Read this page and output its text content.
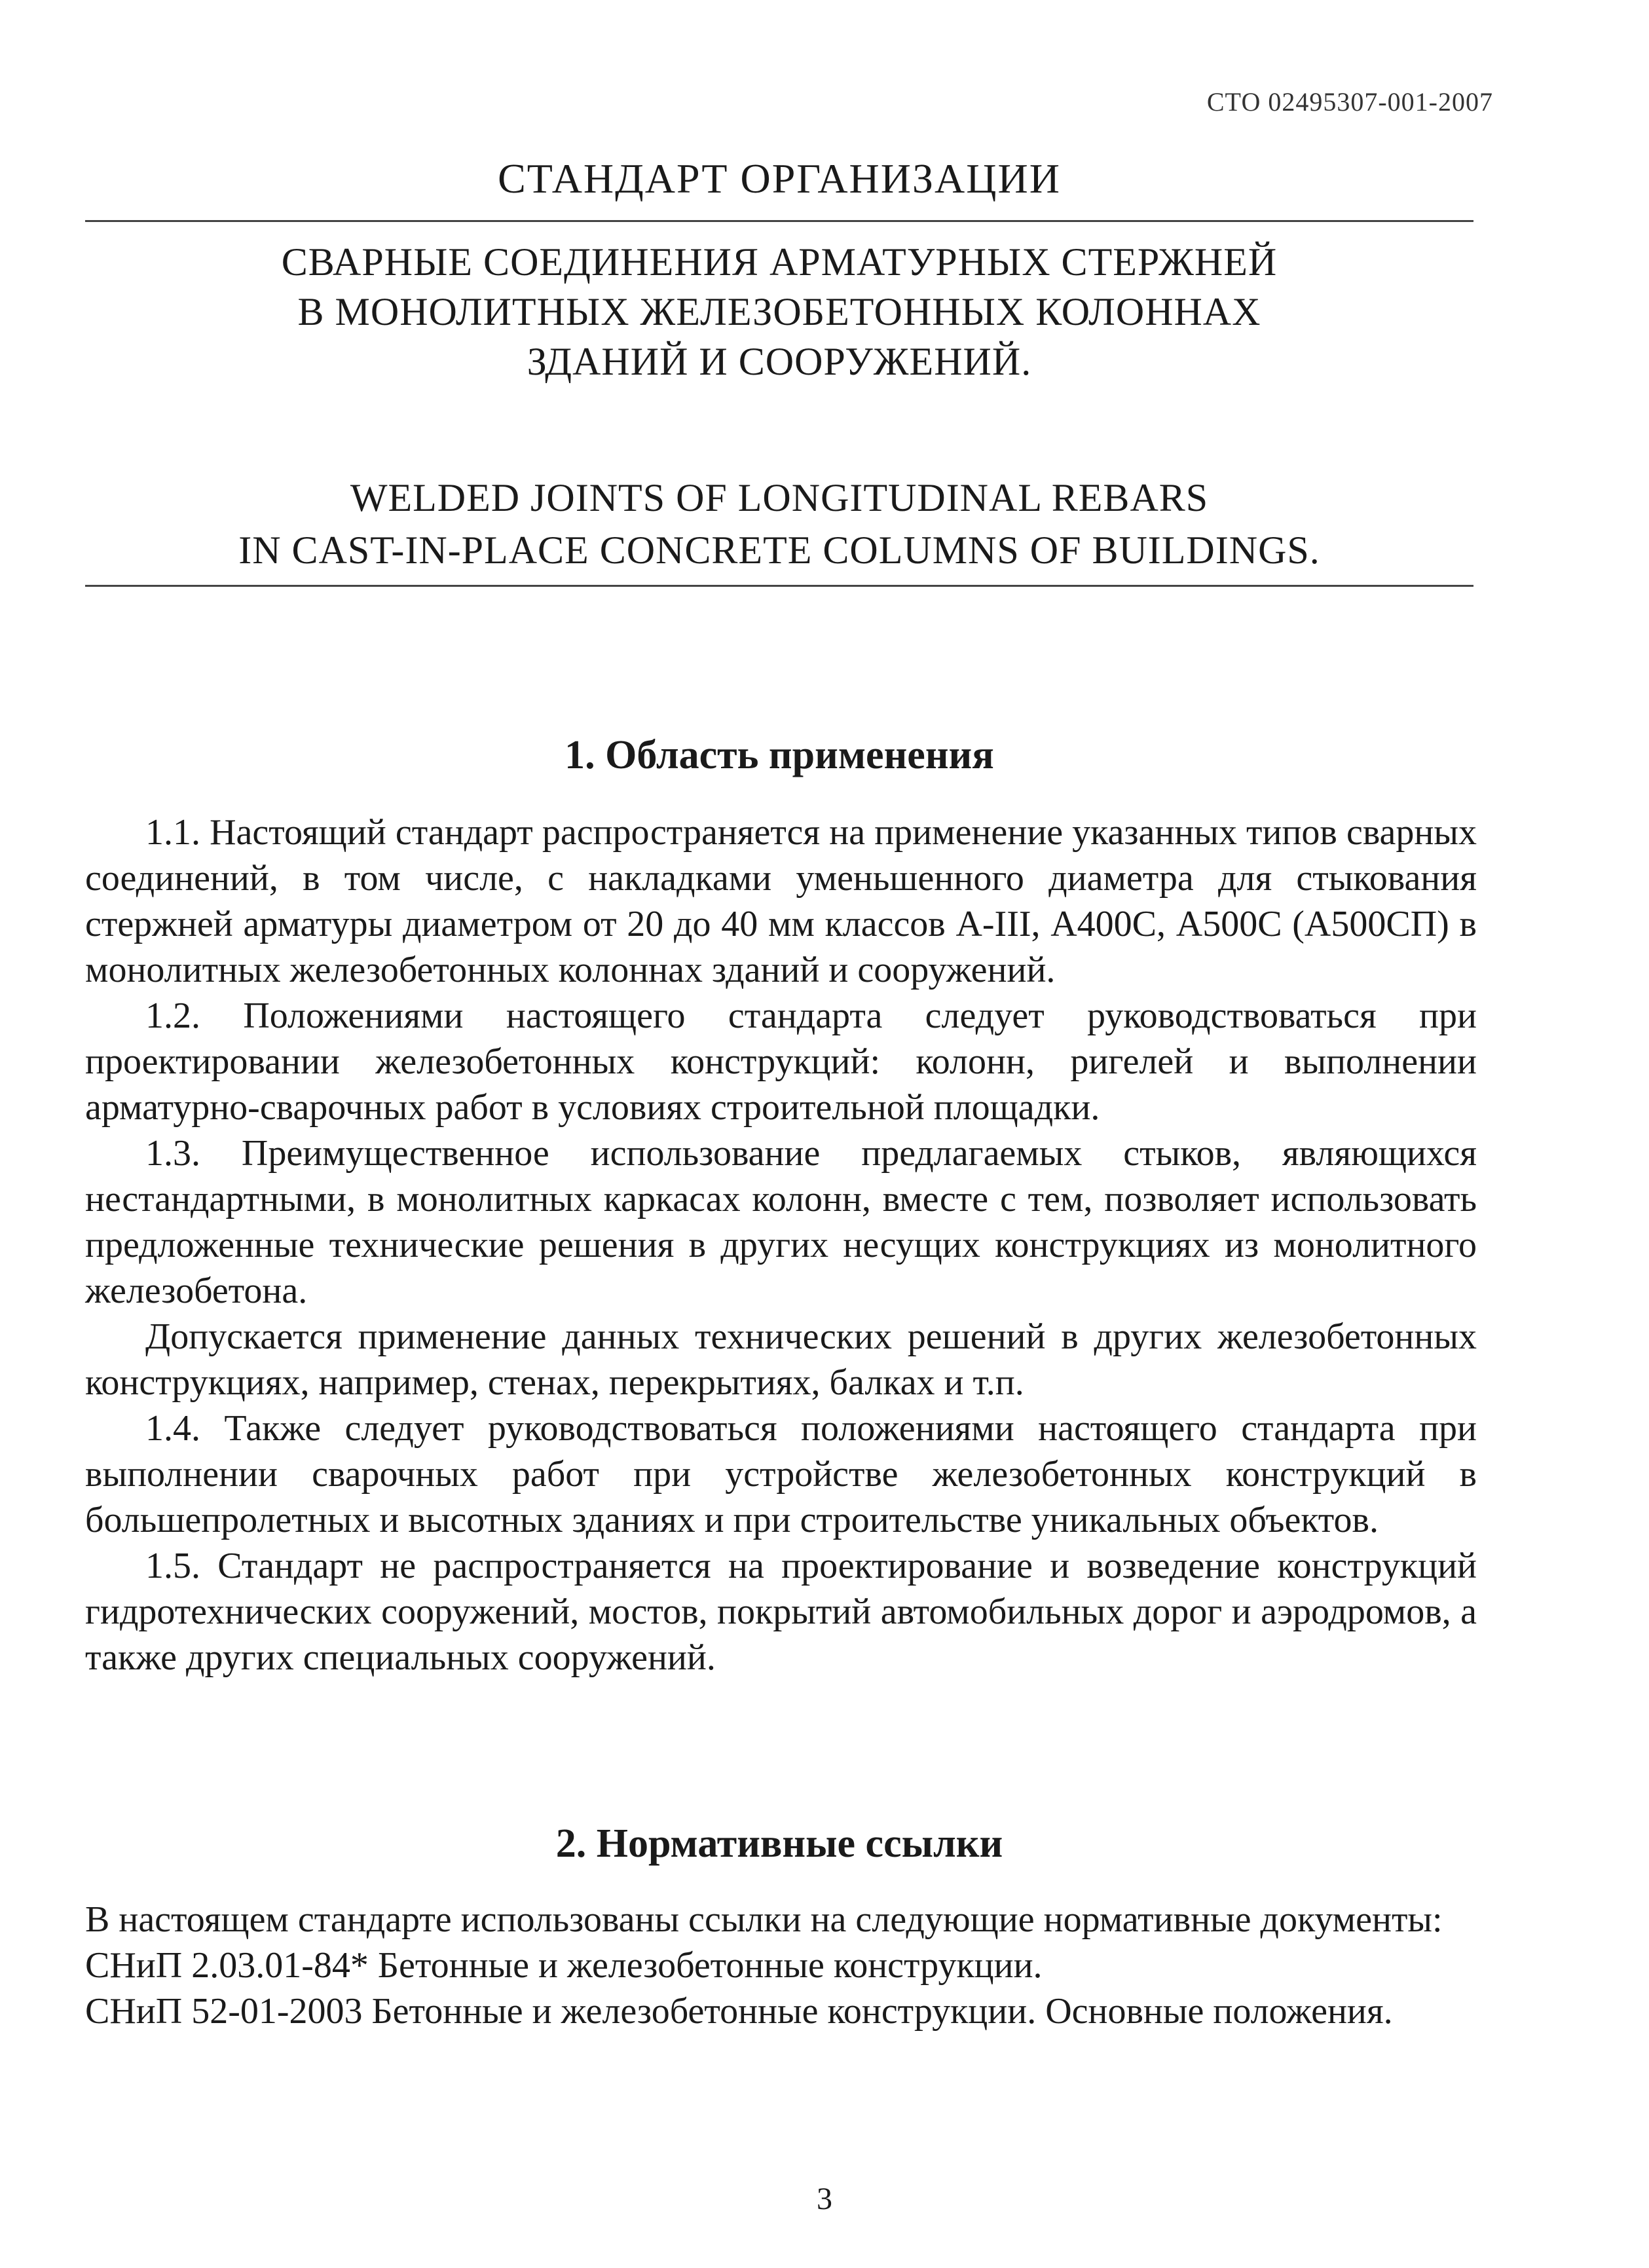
СТО 02495307-001-2007
СТАНДАРТ ОРГАНИЗАЦИИ
СВАРНЫЕ СОЕДИНЕНИЯ АРМАТУРНЫХ СТЕРЖНЕЙ
В МОНОЛИТНЫХ ЖЕЛЕЗОБЕТОННЫХ КОЛОННАХ
ЗДАНИЙ И СООРУЖЕНИЙ.
WELDED JOINTS OF LONGITUDINAL REBARS
IN CAST-IN-PLACE CONCRETE COLUMNS OF BUILDINGS.
1. Область применения

1.1. Настоящий стандарт распространяется на применение указанных типов сварных соединений, в том числе, с накладками уменьшенного диаметра для стыкования стержней арматуры диаметром от 20 до 40 мм классов А-III, А400С, А500С (А500СП) в монолитных железобетонных колоннах зданий и сооружений.

1.2. Положениями настоящего стандарта следует руководствоваться при проектировании железобетонных конструкций: колонн, ригелей и выполнении арматурно-сварочных работ в условиях строительной площадки.

1.3. Преимущественное использование предлагаемых стыков, являющихся нестандартными, в монолитных каркасах колонн, вместе с тем, позволяет использовать предложенные технические решения в других несущих конструкциях из монолитного железобетона.

Допускается применение данных технических решений в других железобетонных конструкциях, например, стенах, перекрытиях, балках и т.п.

1.4. Также следует руководствоваться положениями настоящего стандарта при выполнении сварочных работ при устройстве железобетонных конструкций в большепролетных и высотных зданиях и при строительстве уникальных объектов.

1.5. Стандарт не распространяется на проектирование и возведение конструкций гидротехнических сооружений, мостов, покрытий автомобильных дорог и аэродромов, а также других специальных сооружений.

2. Нормативные ссылки

В настоящем стандарте использованы ссылки на следующие нормативные документы:

СНиП 2.03.01-84* Бетонные и железобетонные конструкции.

СНиП 52-01-2003 Бетонные и железобетонные конструкции. Основные положения.

3
